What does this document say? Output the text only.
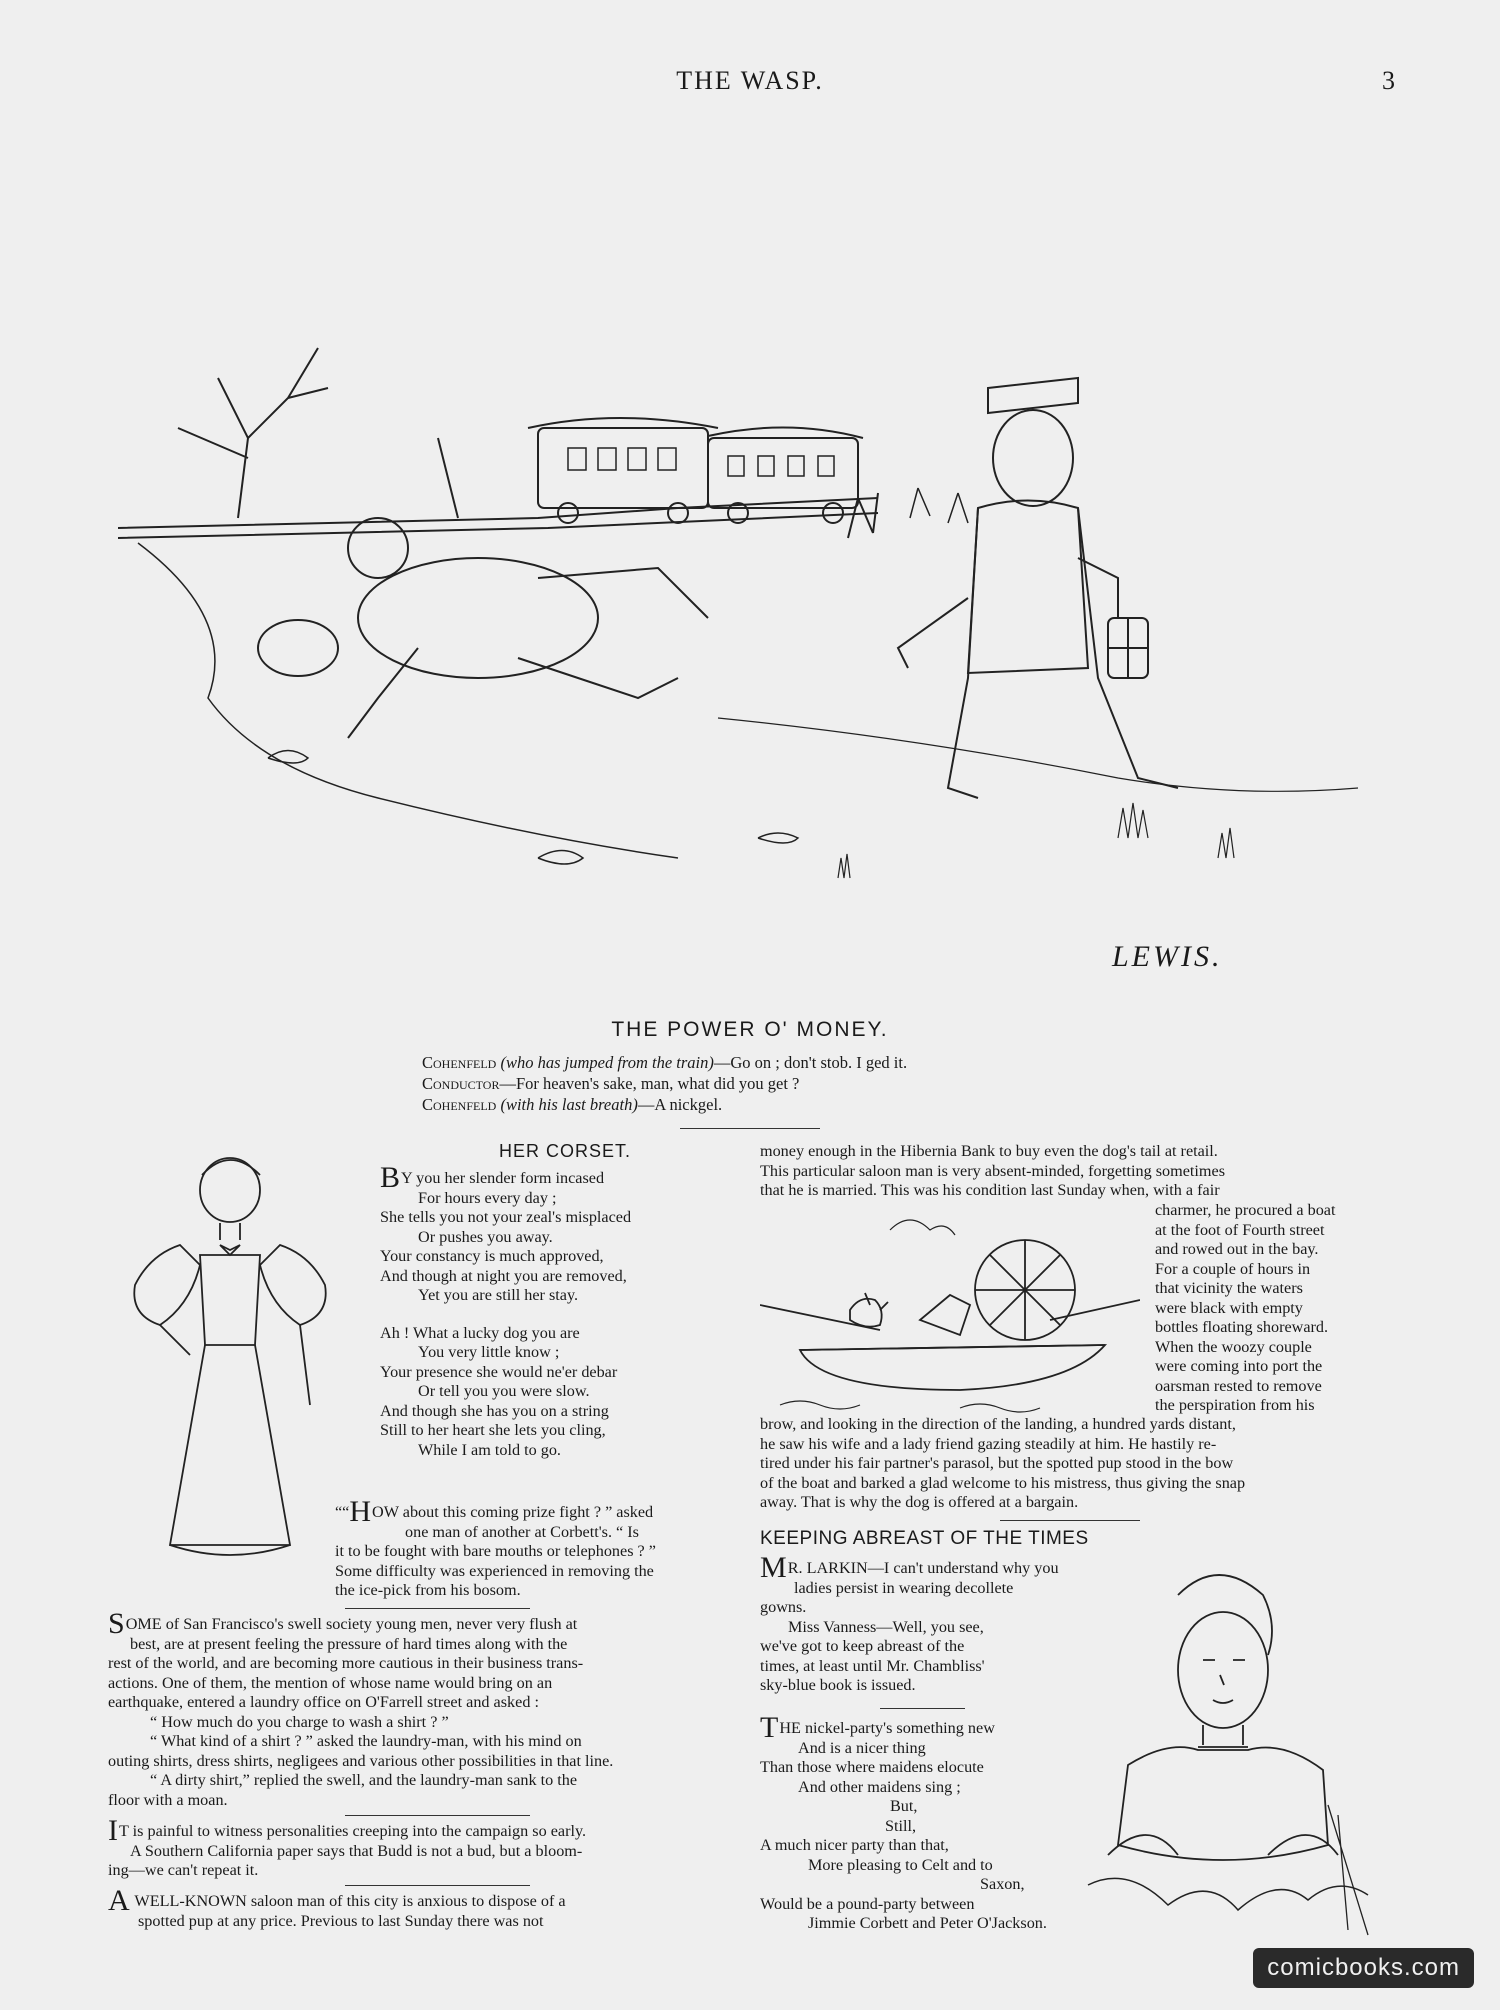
THE WASP.	3
LEWIS.
THE POWER O' MONEY.
Cohenfeld (who has jumped from the train)—Go on ; don't stob. I ged it.
Conductor—For heaven's sake, man, what did you get ?
Cohenfeld (with his last breath)—A nickgel.
HER CORSET.
BY you her slender form incased
For hours every day ;
She tells you not your zeal's misplaced
Or pushes you away.
Your constancy is much approved,
And though at night you are removed,
Yet you are still her stay.
Ah ! What a lucky dog you are
You very little know ;
Your presence she would ne'er debar
Or tell you you were slow.
And though she has you on a string
Still to her heart she lets you cling,
While I am told to go.
““HOW about this coming prize fight ? ” asked
one man of another at Corbett's. “ Is
it to be fought with bare mouths or telephones ? ”
Some difficulty was experienced in removing the
the ice-pick from his bosom.
SOME of San Francisco's swell society young men, never very flush at
best, are at present feeling the pressure of hard times along with the
rest of the world, and are becoming more cautious in their business trans-
actions. One of them, the mention of whose name would bring on an
earthquake, entered a laundry office on O'Farrell street and asked :
“ How much do you charge to wash a shirt ? ”
“ What kind of a shirt ? ” asked the laundry-man, with his mind on
outing shirts, dress shirts, negligees and various other possibilities in that line.
“ A dirty shirt,” replied the swell, and the laundry-man sank to the
floor with a moan.
IT is painful to witness personalities creeping into the campaign so early.
A Southern California paper says that Budd is not a bud, but a bloom-
ing—we can't repeat it.
A WELL-KNOWN saloon man of this city is anxious to dispose of a
spotted pup at any price. Previous to last Sunday there was not
money enough in the Hibernia Bank to buy even the dog's tail at retail.
This particular saloon man is very absent-minded, forgetting sometimes
that he is married. This was his condition last Sunday when, with a fair
charmer, he procured a boat
at the foot of Fourth street
and rowed out in the bay.
For a couple of hours in
that vicinity the waters
were black with empty
bottles floating shoreward.
When the woozy couple
were coming into port the
oarsman rested to remove
the perspiration from his
brow, and looking in the direction of the landing, a hundred yards distant,
he saw his wife and a lady friend gazing steadily at him. He hastily re-
tired under his fair partner's parasol, but the spotted pup stood in the bow
of the boat and barked a glad welcome to his mistress, thus giving the snap
away. That is why the dog is offered at a bargain.
KEEPING ABREAST OF THE TIMES
MR. LARKIN—I can't understand why you
ladies persist in wearing decollete
gowns.
Miss Vanness—Well, you see,
we've got to keep abreast of the
times, at least until Mr. Chambliss'
sky-blue book is issued.
THE nickel-party's something new
And is a nicer thing
Than those where maidens elocute
And other maidens sing ;
But,
Still,
A much nicer party than that,
More pleasing to Celt and to
Saxon,
Would be a pound-party between
Jimmie Corbett and Peter O'Jackson.
comicbooks.com
